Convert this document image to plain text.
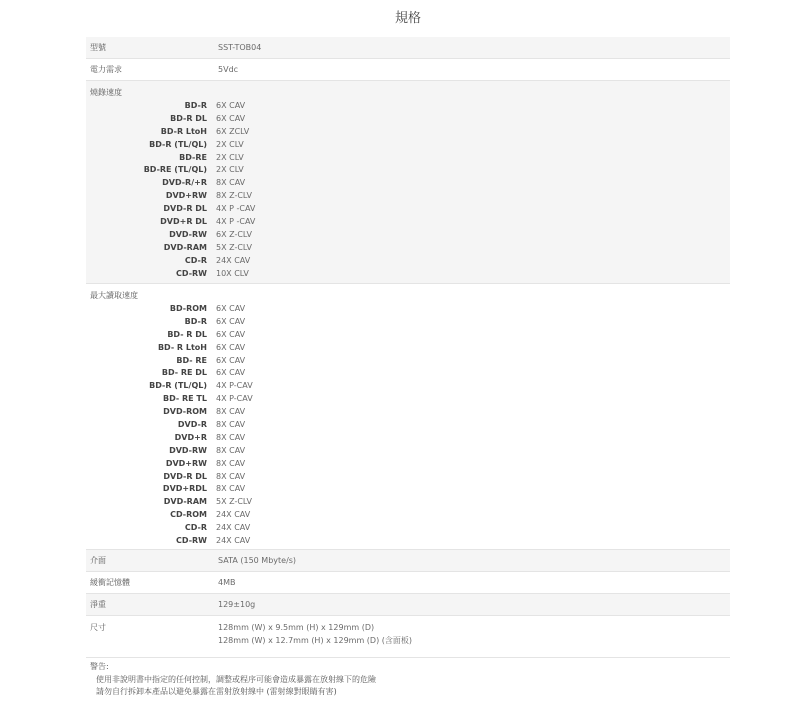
規格
型號	SST-TOB04
電力需求	5Vdc
燒錄速度
BD-R 6X CAV
BD-R DL 6X CAV
BD-R LtoH 6X ZCLV
BD-R (TL/QL) 2X CLV
BD-RE 2X CLV
BD-RE (TL/QL) 2X CLV
DVD-R/+R 8X CAV
DVD+RW 8X Z-CLV
DVD-R DL 4X P -CAV
DVD+R DL 4X P -CAV
DVD-RW 6X Z-CLV
DVD-RAM 5X Z-CLV
CD-R 24X CAV
CD-RW 10X CLV
最大讀取速度
BD-ROM 6X CAV
BD-R 6X CAV
BD- R DL 6X CAV
BD- R LtoH 6X CAV
BD- RE 6X CAV
BD- RE DL 6X CAV
BD-R (TL/QL) 4X P-CAV
BD- RE TL 4X P-CAV
DVD-ROM 8X CAV
DVD-R 8X CAV
DVD+R 8X CAV
DVD-RW 8X CAV
DVD+RW 8X CAV
DVD-R DL 8X CAV
DVD+RDL 8X CAV
DVD-RAM 5X Z-CLV
CD-ROM 24X CAV
CD-R 24X CAV
CD-RW 24X CAV
介面	SATA (150 Mbyte/s)
緩衝記憶體	4MB
淨重	129±10g
尺寸	128mm (W) x 9.5mm (H) x 129mm (D)
128mm (W) x 12.7mm (H) x 129mm (D) (含面板)
警告:
使用非說明書中指定的任何控制，調整或程序可能會造成暴露在放射線下的危險
請勿自行拆卸本產品以避免暴露在雷射放射線中 (雷射線對眼睛有害)
